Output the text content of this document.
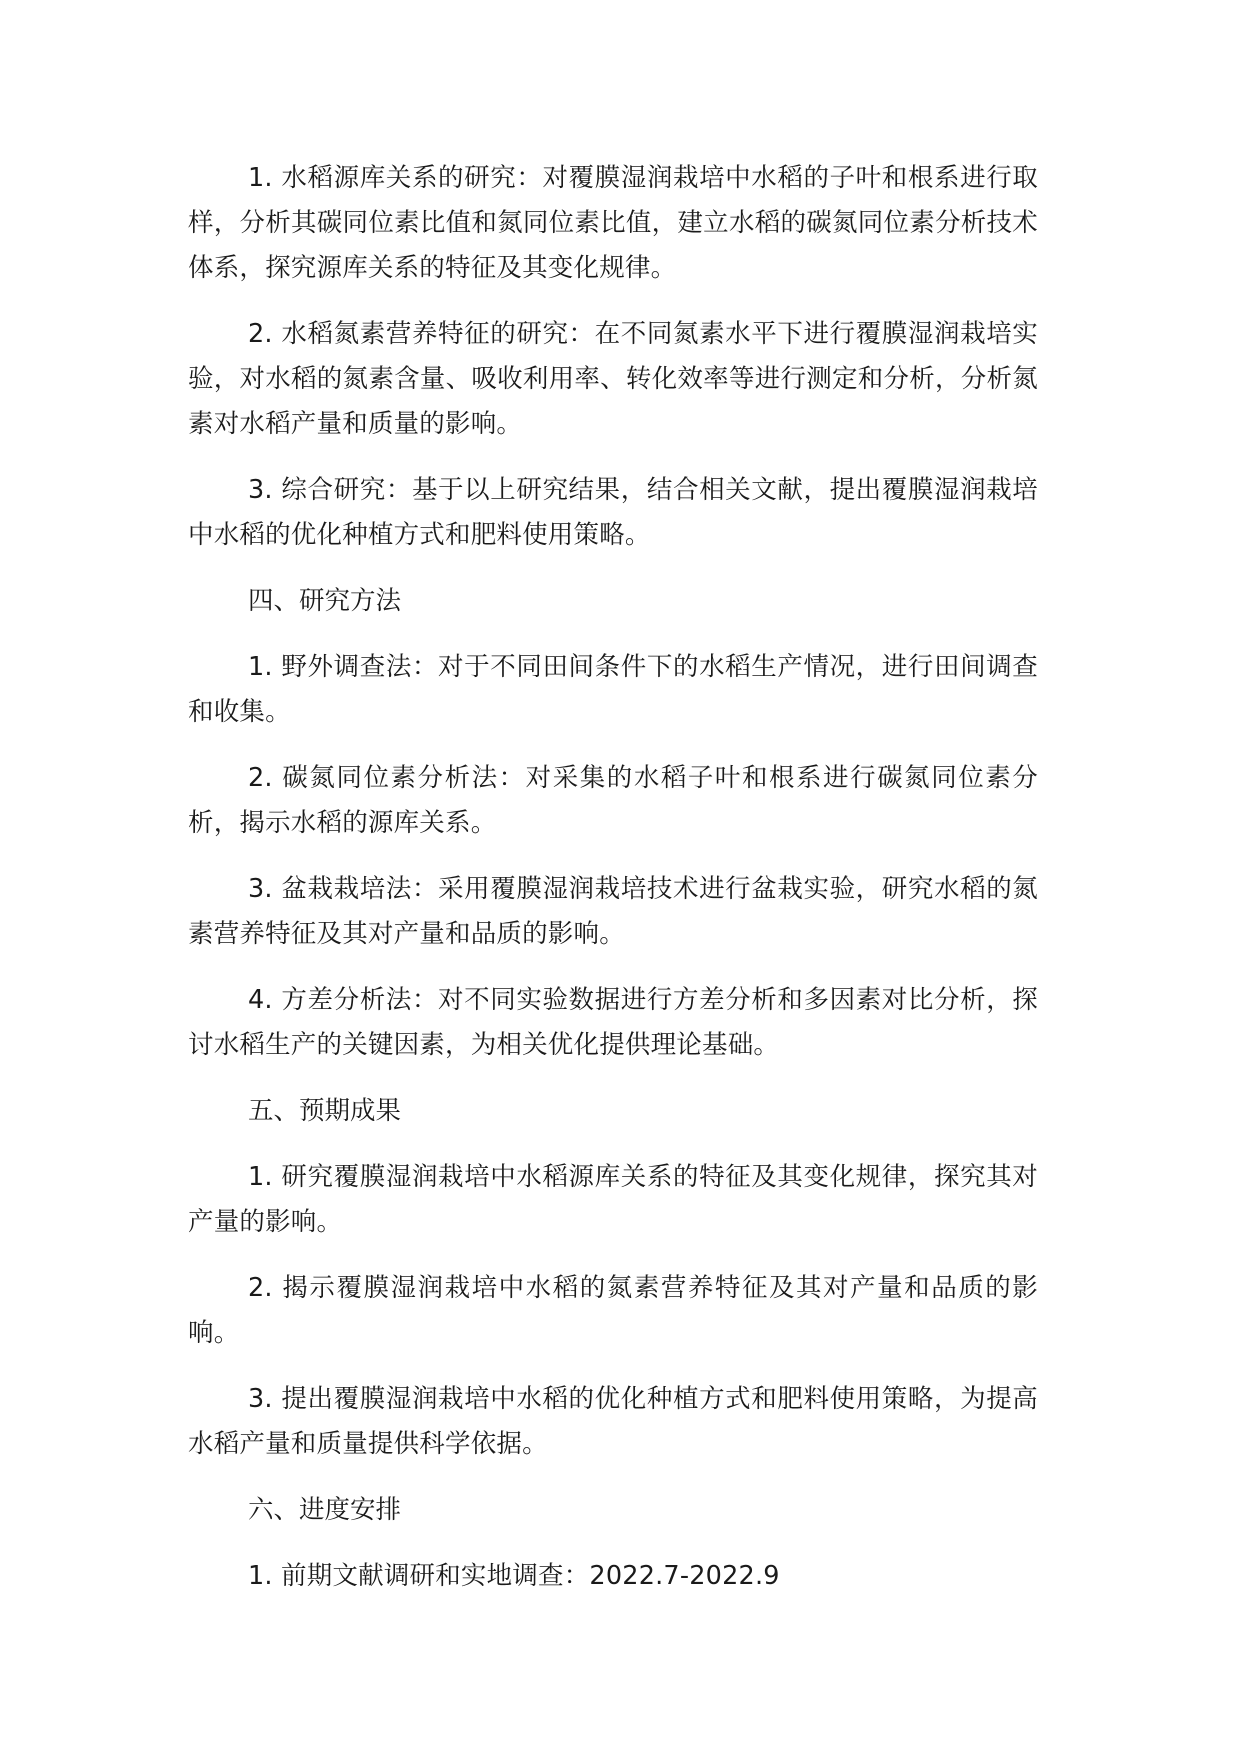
1. 水稻源库关系的研究：对覆膜湿润栽培中水稻的子叶和根系进行取样，分析其碳同位素比值和氮同位素比值，建立水稻的碳氮同位素分析技术体系，探究源库关系的特征及其变化规律。

2. 水稻氮素营养特征的研究：在不同氮素水平下进行覆膜湿润栽培实验，对水稻的氮素含量、吸收利用率、转化效率等进行测定和分析，分析氮素对水稻产量和质量的影响。

3. 综合研究：基于以上研究结果，结合相关文献，提出覆膜湿润栽培中水稻的优化种植方式和肥料使用策略。

四、研究方法

1. 野外调查法：对于不同田间条件下的水稻生产情况，进行田间调查和收集。

2. 碳氮同位素分析法：对采集的水稻子叶和根系进行碳氮同位素分析，揭示水稻的源库关系。

3. 盆栽栽培法：采用覆膜湿润栽培技术进行盆栽实验，研究水稻的氮素营养特征及其对产量和品质的影响。

4. 方差分析法：对不同实验数据进行方差分析和多因素对比分析，探讨水稻生产的关键因素，为相关优化提供理论基础。

五、预期成果

1. 研究覆膜湿润栽培中水稻源库关系的特征及其变化规律，探究其对产量的影响。

2. 揭示覆膜湿润栽培中水稻的氮素营养特征及其对产量和品质的影响。

3. 提出覆膜湿润栽培中水稻的优化种植方式和肥料使用策略，为提高水稻产量和质量提供科学依据。

六、进度安排

1. 前期文献调研和实地调查：2022.7-2022.9
